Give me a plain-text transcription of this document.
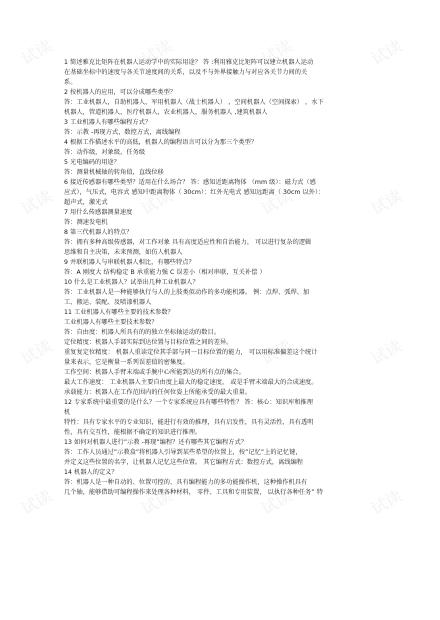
试读	试读	试读	试读
试读	试读	试读	试读
试读	试读	试读	试读
试读	试读	试读	试读
1 简述雅克比矩阵在机器人运动学中的实际用途？ 答 :利用雅克比矩阵可以建立机器人运动
在基础坐标中的速度与各关节速度间的关系，以及不与外界接触力与对应各关节力间的关
系。
2 按机器人的应用，可以分成哪些类型？
答：工业机器人，自助机器人，军用机器人（战士机器人） ，空间机器人（空间探索） ，水下
机器人，管道机器人，医疗机器人，农业机器人，服务机器人 ,建筑机器人
3 工业机器人有哪些编程方式？
答：示教 -再现方式，数控方式，离线编程
4 根据工作描述水平的高低，机器人的编程语言可以分为那三个类型？
答：动作级，对象级，任务级
5 光电编码的用途？
答：测量机械轴的转角值，直线位移
6 接近传感器有哪些类型？适用在什么场合？ 答：感知近距离物体 （mm 级）：磁力式（感
应式），气压式，电容式 感知中距离物体（ 30cm）：红外光电式 感知远距离（ 30cm 以外）：
超声式，激光式
7 用什么传感器测量速度
答：测速发电机
8 第三代机器人的特点？
答：拥有多种高级传感器，对工作对象 具有高度适应性和自治能力， 可以进行复杂的逻辑
思维和自主决策，未来预测，如仿人机器人
9 并联机器人与串联机器人相比，有哪些特点？
答：A 刚度大 结构稳定 B 承重能力强 C 误差小（相对串联，互关补偿 ）
10 什么是工业机器人？试举出几种工业机器人？
答：工业机器人是一种能够执行与人的上肢类似动作的多功能机器。 例：点焊、弧焊、加
工、搬运、装配、及喷漆机器人
11 工业机器人有哪些主要的技术参数？
工业机器人有哪些主要技术参数？
答：自由度：机器人所具有的的独立坐标轴运动的数目。
定位精度：机器人手部实际到达位置与目标位置之间的差异。
重复复定位精度： 机器人重读定位其手部与同一目标位置的能力， 可以用标准偏差这个统计
量来表示，它是衡量一系列误差值的密集度。
工作空间：机器人手臂末端或手腕中心所能到达的所有点的集合。
最大工作速度： 工业机器人主要自由度上最大的稳定速度， 或是手臂末端最大的合成速度。
承载能力：机器人在工作范围内的任何位姿上所能承受的最大重量。
12 专家系统中最重要的是什么？一个专家系统应具有哪些特性？ 答：核心：知识库和推理
机
特性：具有专家水平的专业知识，能进行有效的推理，具有启发性，具有灵活性，具有透明
性，具有交互性，能根据不确定的知识进行推理。
13 如何对机器人进行”示教 -再现”编程？还有哪些其它编程方式？
答：工作人员通过”示教盒”将机器人引导到某些希望的位置上，按”记忆”上的记忆键，
并定义这些位置的名字，让机器人记忆这些位置。 其它编程方式：数控方式，离线编程
14 机器人的定义？
答：机器人是一种自动的、位置可控的、具有编程能力的多功能操作机，这种操作机具有
几个轴，能够借助可编程操作来处理各种材料， 零件、工具和专用装置， 以执行各种任务” 特
